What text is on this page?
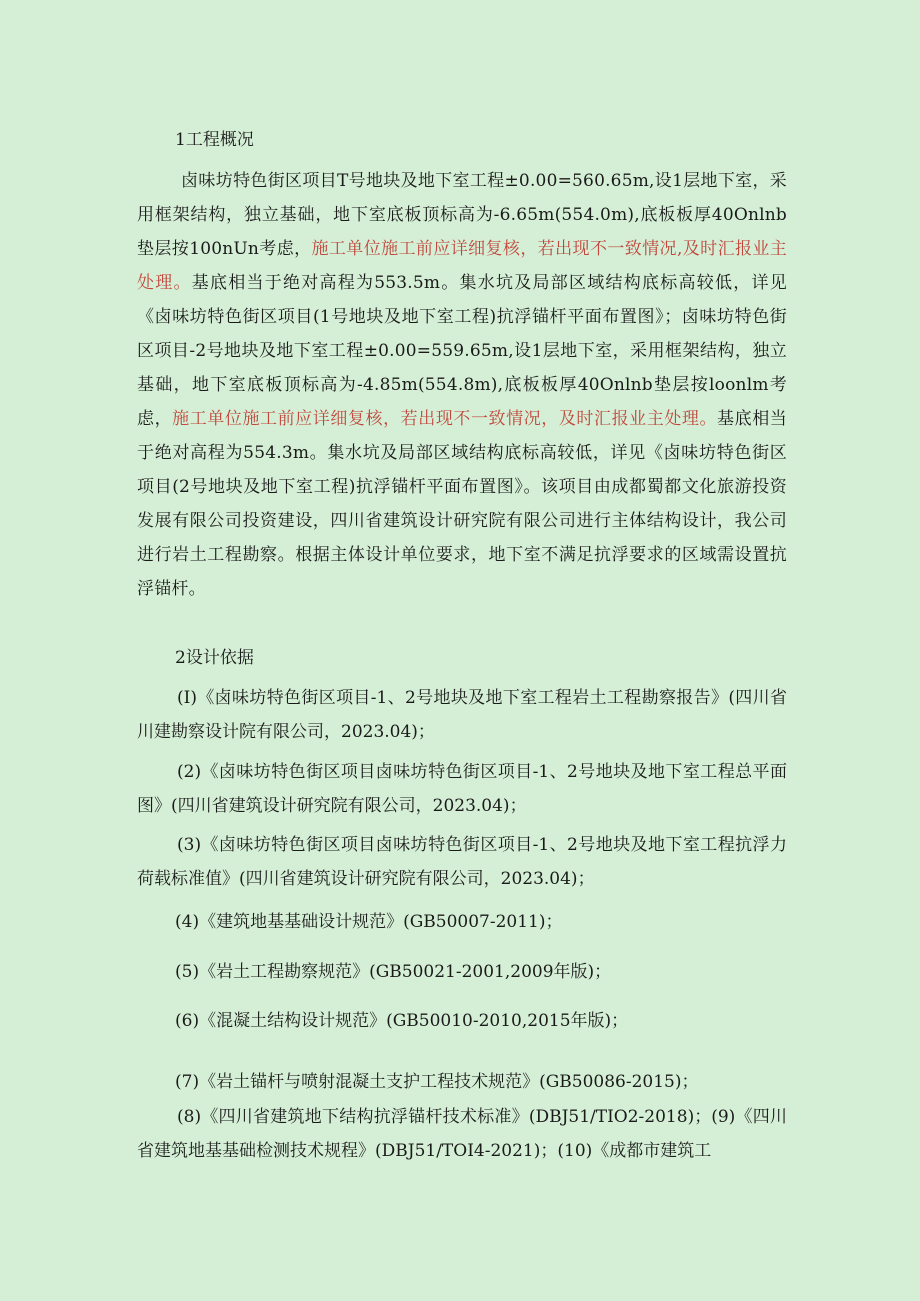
1工程概况

卤味坊特色街区项目T号地块及地下室工程±0.00=560.65m,设1层地下室，采用框架结构，独立基础，地下室底板顶标高为-6.65m(554.0m),底板板厚40Onlnb垫层按100nUn考虑，施工单位施工前应详细复核，若出现不一致情况,及时汇报业主处理。基底相当于绝对高程为553.5m。集水坑及局部区域结构底标高较低，详见《卤味坊特色街区项目(1号地块及地下室工程)抗浮锚杆平面布置图》；卤味坊特色街区项目-2号地块及地下室工程±0.00=559.65m,设1层地下室，采用框架结构，独立基础，地下室底板顶标高为-4.85m(554.8m),底板板厚40Onlnb垫层按loonlm考虑，施工单位施工前应详细复核，若出现不一致情况，及时汇报业主处理。基底相当于绝对高程为554.3m。集水坑及局部区域结构底标高较低，详见《卤味坊特色街区项目(2号地块及地下室工程)抗浮锚杆平面布置图》。该项目由成都蜀都文化旅游投资发展有限公司投资建设，四川省建筑设计研究院有限公司进行主体结构设计，我公司进行岩土工程勘察。根据主体设计单位要求，地下室不满足抗浮要求的区域需设置抗浮锚杆。

2设计依据

(I)《卤味坊特色街区项目-1、2号地块及地下室工程岩土工程勘察报告》(四川省川建勘察设计院有限公司，2023.04)；

(2)《卤味坊特色街区项目卤味坊特色街区项目-1、2号地块及地下室工程总平面图》(四川省建筑设计研究院有限公司，2023.04)；

(3)《卤味坊特色街区项目卤味坊特色街区项目-1、2号地块及地下室工程抗浮力荷载标准值》(四川省建筑设计研究院有限公司，2023.04)；

(4)《建筑地基基础设计规范》(GB50007-2011)；

(5)《岩土工程勘察规范》(GB50021-2001,2009年版)；

(6)《混凝土结构设计规范》(GB50010-2010,2015年版)；

(7)《岩土锚杆与喷射混凝土支护工程技术规范》(GB50086-2015)；

(8)《四川省建筑地下结构抗浮锚杆技术标准》(DBJ51∕TIO2-2018)；(9)《四川省建筑地基基础检测技术规程》(DBJ51∕TOI4-2021)；(10)《成都市建筑工
